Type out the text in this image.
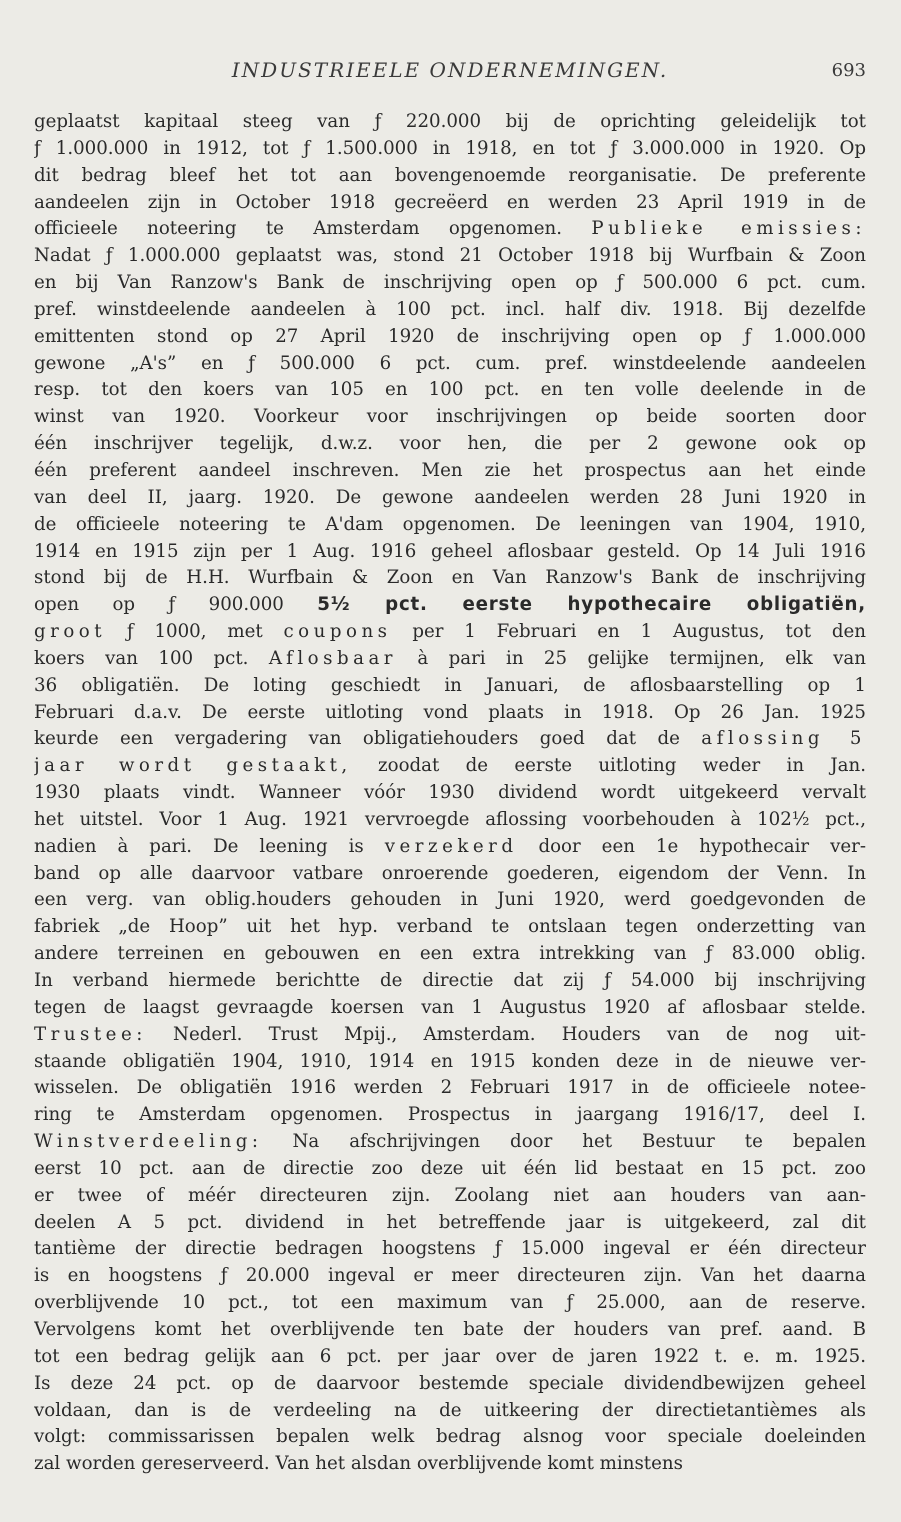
INDUSTRIEELE ONDERNEMINGEN.	693
geplaatst kapitaal steeg van ƒ 220.000 bij de oprichting geleidelijk tot
ƒ 1.000.000 in 1912, tot ƒ 1.500.000 in 1918, en tot ƒ 3.000.000 in 1920. Op
dit bedrag bleef het tot aan bovengenoemde reorganisatie. De preferente
aandeelen zijn in October 1918 gecreëerd en werden 23 April 1919 in de
officieele noteering te Amsterdam opgenomen. Publieke emissies:
Nadat ƒ 1.000.000 geplaatst was, stond 21 October 1918 bij Wurfbain & Zoon
en bij Van Ranzow's Bank de inschrijving open op ƒ 500.000 6 pct. cum.
pref. winstdeelende aandeelen à 100 pct. incl. half div. 1918. Bij dezelfde
emittenten stond op 27 April 1920 de inschrijving open op ƒ 1.000.000
gewone „A's” en ƒ 500.000 6 pct. cum. pref. winstdeelende aandeelen
resp. tot den koers van 105 en 100 pct. en ten volle deelende in de
winst van 1920. Voorkeur voor inschrijvingen op beide soorten door
één inschrijver tegelijk, d.w.z. voor hen, die per 2 gewone ook op
één preferent aandeel inschreven. Men zie het prospectus aan het einde
van deel II, jaarg. 1920. De gewone aandeelen werden 28 Juni 1920 in
de officieele noteering te A'dam opgenomen. De leeningen van 1904, 1910,
1914 en 1915 zijn per 1 Aug. 1916 geheel aflosbaar gesteld. Op 14 Juli 1916
stond bij de H.H. Wurfbain & Zoon en Van Ranzow's Bank de inschrijving
open op ƒ 900.000 5½ pct. eerste hypothecaire obligatiën,
groot ƒ 1000, met coupons per 1 Februari en 1 Augustus, tot den
koers van 100 pct. Aflosbaar à pari in 25 gelijke termijnen, elk van
36 obligatiën. De loting geschiedt in Januari, de aflosbaarstelling op 1
Februari d.a.v. De eerste uitloting vond plaats in 1918. Op 26 Jan. 1925
keurde een vergadering van obligatiehouders goed dat de aflossing 5
jaar wordt gestaakt, zoodat de eerste uitloting weder in Jan.
1930 plaats vindt. Wanneer vóór 1930 dividend wordt uitgekeerd vervalt
het uitstel. Voor 1 Aug. 1921 vervroegde aflossing voorbehouden à 102½ pct.,
nadien à pari. De leening is verzekerd door een 1e hypothecair ver-
band op alle daarvoor vatbare onroerende goederen, eigendom der Venn. In
een verg. van oblig.houders gehouden in Juni 1920, werd goedgevonden de
fabriek „de Hoop” uit het hyp. verband te ontslaan tegen onderzetting van
andere terreinen en gebouwen en een extra intrekking van ƒ 83.000 oblig.
In verband hiermede berichtte de directie dat zij ƒ 54.000 bij inschrijving
tegen de laagst gevraagde koersen van 1 Augustus 1920 af aflosbaar stelde.
Trustee: Nederl. Trust Mpij., Amsterdam. Houders van de nog uit-
staande obligatiën 1904, 1910, 1914 en 1915 konden deze in de nieuwe ver-
wisselen. De obligatiën 1916 werden 2 Februari 1917 in de officieele notee-
ring te Amsterdam opgenomen. Prospectus in jaargang 1916/17, deel I.
Winstverdeeling: Na afschrijvingen door het Bestuur te bepalen
eerst 10 pct. aan de directie zoo deze uit één lid bestaat en 15 pct. zoo
er twee of méér directeuren zijn. Zoolang niet aan houders van aan-
deelen A 5 pct. dividend in het betreffende jaar is uitgekeerd, zal dit
tantième der directie bedragen hoogstens ƒ 15.000 ingeval er één directeur
is en hoogstens ƒ 20.000 ingeval er meer directeuren zijn. Van het daarna
overblijvende 10 pct., tot een maximum van ƒ 25.000, aan de reserve.
Vervolgens komt het overblijvende ten bate der houders van pref. aand. B
tot een bedrag gelijk aan 6 pct. per jaar over de jaren 1922 t. e. m. 1925.
Is deze 24 pct. op de daarvoor bestemde speciale dividendbewijzen geheel
voldaan, dan is de verdeeling na de uitkeering der directietantièmes als
volgt: commissarissen bepalen welk bedrag alsnog voor speciale doeleinden
zal worden gereserveerd. Van het alsdan overblijvende komt minstens
